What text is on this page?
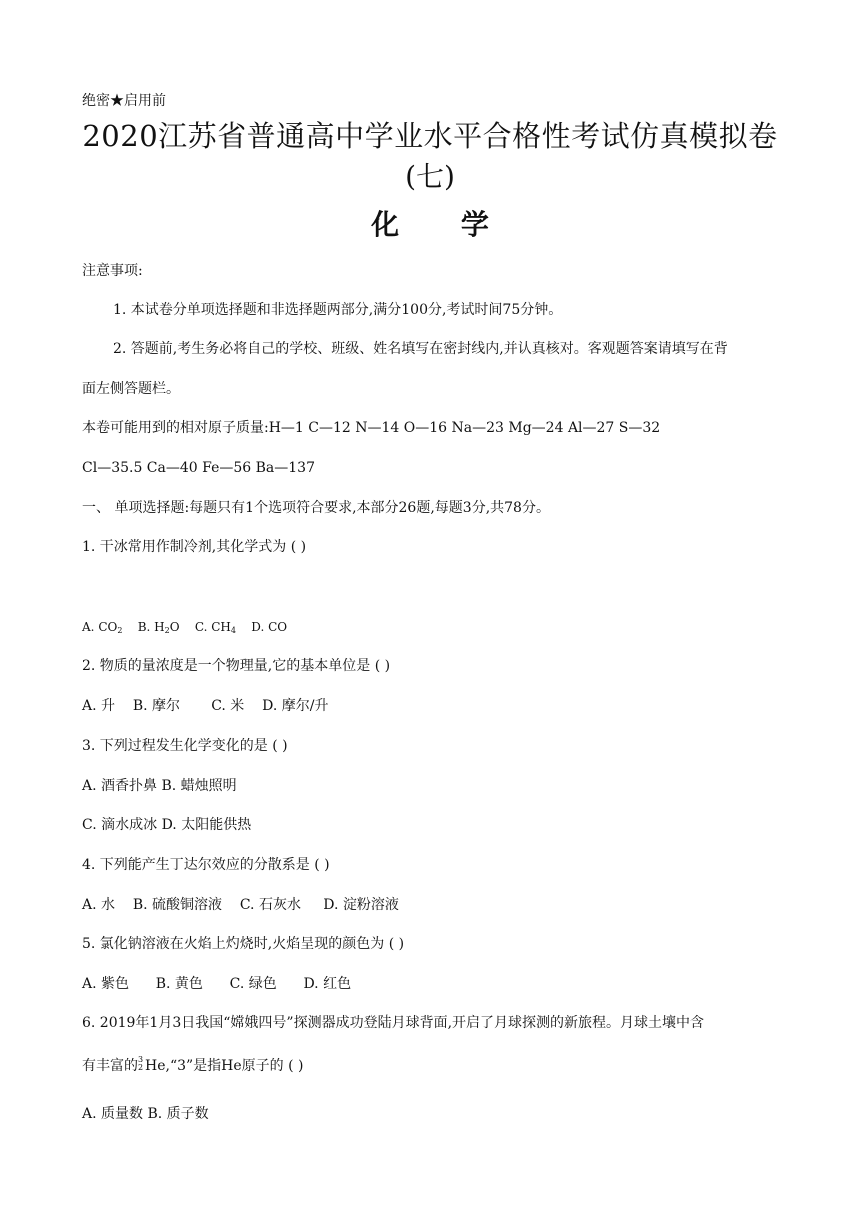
绝密★启用前
2020江苏省普通高中学业水平合格性考试仿真模拟卷
(七)
化 学
注意事项:
1. 本试卷分单项选择题和非选择题两部分,满分100分,考试时间75分钟。
2. 答题前,考生务必将自己的学校、班级、姓名填写在密封线内,并认真核对。客观题答案请填写在背
面左侧答题栏。
本卷可能用到的相对原子质量:H—1 C—12 N—14 O—16 Na—23 Mg—24 Al—27 S—32
Cl—35.5 Ca—40 Fe—56 Ba—137
一、 单项选择题:每题只有1个选项符合要求,本部分26题,每题3分,共78分。
1. 干冰常用作制冷剂,其化学式为 ( )
A. $CO_2$ B. $H_2O$ C. $CH_4$ D. CO
2. 物质的量浓度是一个物理量,它的基本单位是 ( )
A. 升 B. 摩尔 C. 米 D. 摩尔/升
3. 下列过程发生化学变化的是 ( )
A. 酒香扑鼻 B. 蜡烛照明
C. 滴水成冰 D. 太阳能供热
4. 下列能产生丁达尔效应的分散系是 ( )
A. 水 B. 硫酸铜溶液 C. 石灰水 D. 淀粉溶液
5. 氯化钠溶液在火焰上灼烧时,火焰呈现的颜色为 ( )
A. 紫色 B. 黄色 C. 绿色 D. 红色
6. 2019年1月3日我国“嫦娥四号”探测器成功登陆月球背面,开启了月球探测的新旅程。月球土壤中含
有丰富的 3
2 He,“3”是指He原子的 ( )
A. 质量数 B. 质子数
